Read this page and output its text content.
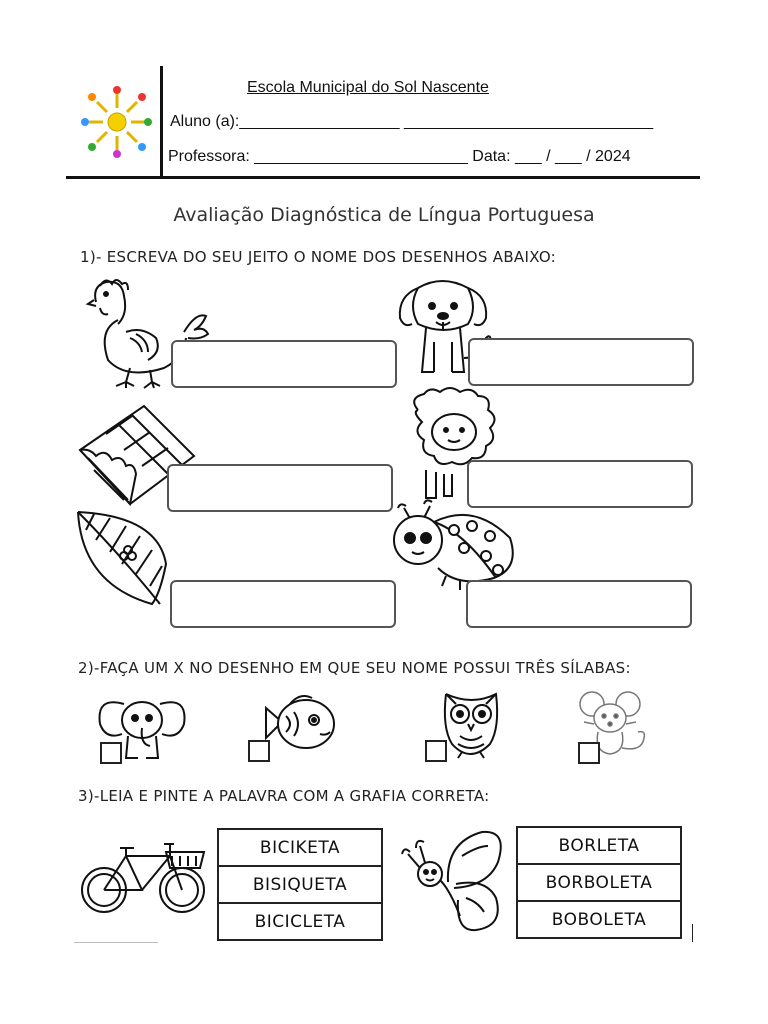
Escola Municipal do Sol Nascente
Aluno (a):__________________ ____________________________
Professora: ________________________ Data: ___ / ___ / 2024
Avaliação Diagnóstica de Língua Portuguesa
1)- ESCREVA DO SEU JEITO O NOME DOS DESENHOS ABAIXO:
2)-FAÇA UM X NO DESENHO EM QUE SEU NOME POSSUI TRÊS SÍLABAS:
3)-LEIA E PINTE A PALAVRA COM A GRAFIA CORRETA:
BICIKETA
BISIQUETA
BICICLETA
BORLETA
BORBOLETA
BOBOLETA
